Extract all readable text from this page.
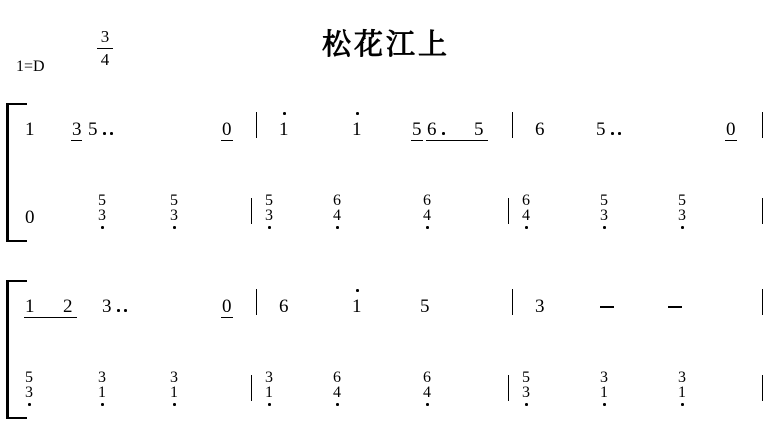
松花江上
1=D
3
4
1 3 5	0	1	1	5 6 5	6	5	0
0
5
3
5
3
5
3
6
4
6
4
6
4
5
3
5
3
1 2 3	0	6	1	5	3
5
3
3
1
3
1
3
1
6
4
6
4
5
3
3
1
3
1
